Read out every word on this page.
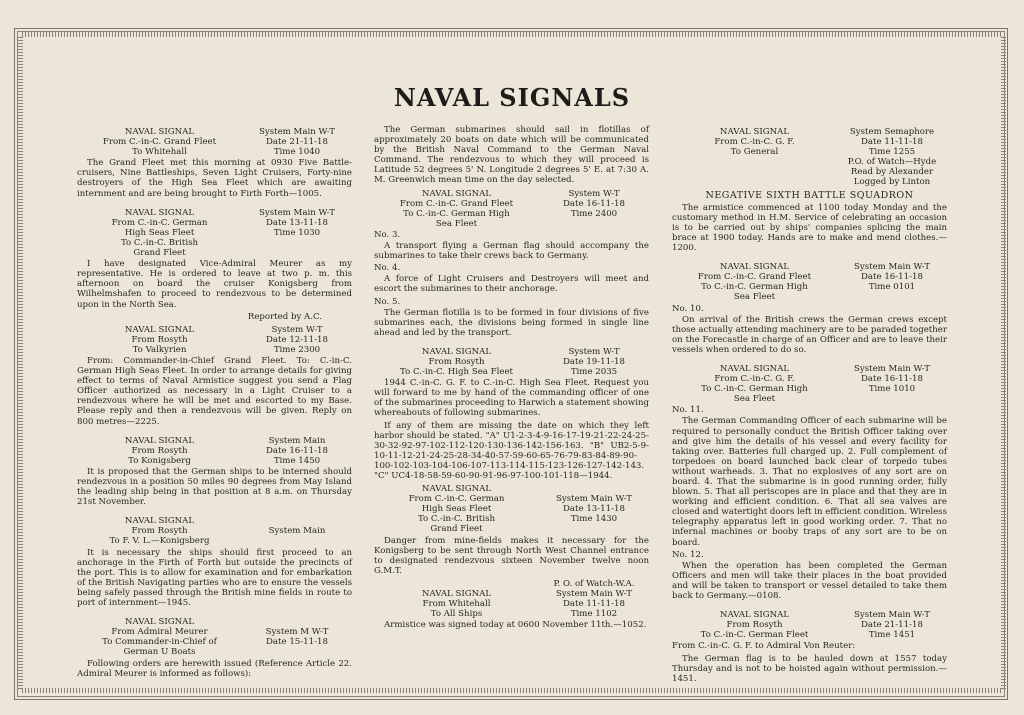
NAVAL SIGNALS
NAVAL SIGNAL
From C.-in-C. Grand Fleet
To Whitehall
System Main W-T
Date 21-11-18
Time 1040
The Grand Fleet met this morning at 0930 Five Battle-cruisers, Nine Battleships, Seven Light Cruisers, Forty-nine destroyers of the High Sea Fleet which are awaiting internment and are being brought to Firth Forth—1005.
NAVAL SIGNAL
From C.-in-C. German
High Seas Fleet
To C.-in-C. British
Grand Fleet
System Main W-T
Date 13-11-18
Time 1030
I have designated Vice-Admiral Meurer as my representative. He is ordered to leave at two p. m. this afternoon on board the cruiser Konigsberg from Wilhelmshafen to proceed to rendezvous to be determined upon in the North Sea.
Reported by A.C.
NAVAL SIGNAL
From Rosyth
To Valkyrien
System W-T
Date 12-11-18
Time 2300
From: Commander-in-Chief Grand Fleet. To: C.-in-C. German High Seas Fleet. In order to arrange details for giving effect to terms of Naval Armistice suggest you send a Flag Officer authorized as necessary in a Light Cruiser to a rendezvous where he will be met and escorted to my Base. Please reply and then a rendezvous will be given. Reply on 800 metres—2225.
NAVAL SIGNAL
From Rosyth
To Konigsberg
System Main
Date 16-11-18
Time 1450
It is proposed that the German ships to be interned should rendezvous in a position 50 miles 90 degrees from May Island the leading ship being in that position at 8 a.m. on Thursday 21st November.
NAVAL SIGNAL
From Rosyth
To F. V. L.—Konigsberg

System Main
It is necessary the ships should first proceed to an anchorage in the Firth of Forth but outside the precincts of the port. This is to allow for examination and for embarkation of the British Navigating parties who are to ensure the vessels being safely passed through the British mine fields in route to port of internment—1945.
NAVAL SIGNAL
From Admiral Meurer
To Commander-in-Chief of
German U Boats

System M W-T
Date 15-11-18
Following orders are herewith issued (Reference Article 22. Admiral Meurer is informed as follows):
The German submarines should sail in flotillas of approximately 20 boats on date which will be communicated by the British Naval Command to the German Naval Command. The rendezvous to which they will proceed is Latitude 52 degrees 5' N. Longitude 2 degrees 5' E. at 7:30 A. M. Greenwich mean time on the day selected.
NAVAL SIGNAL
From C.-in-C. Grand Fleet
To C.-in-C. German High
Sea Fleet
System W-T
Date 16-11-18
Time 2400
No. 3.
A transport flying a German flag should accompany the submarines to take their crews back to Germany.
No. 4.
A force of Light Cruisers and Destroyers will meet and escort the submarines to their anchorage.
No. 5.
The German flotilla is to be formed in four divisions of five submarines each, the divisions being formed in single line ahead and led by the transport.
NAVAL SIGNAL
From Rosyth
To C.-in-C. High Sea Fleet
System W-T
Date 19-11-18
Time 2035
1944 C.-in-C. G. F. to C.-in-C. High Sea Fleet. Request you will forward to me by hand of the commanding officer of one of the submarines proceeding to Harwich a statement showing whereabouts of following submarines.
If any of them are missing the date on which they left harbor should be stated. "A" U1-2-3-4-9-16-17-19-21-22-24-25-30-32-92-97-102-112-120-130-136-142-156-163. "B" UB2-5-9-10-11-12-21-24-25-28-34-40-57-59-60-65-76-79-83-84-89-90-100-102-103-104-106-107-113-114-115-123-126-127-142-143. "C" UC4-18-58-59-60-90-91-96-97-100-101-118—1944.
NAVAL SIGNAL
From C.-in-C. German
High Seas Fleet
To C.-in-C. British
Grand Fleet

System Main W-T
Date 13-11-18
Time 1430
Danger from mine-fields makes it necessary for the Konigsberg to be sent through North West Channel entrance to designated rendezvous sixteen November twelve noon G.M.T.

NAVAL SIGNAL
From Whitehall
To All Ships
P. O. of Watch-W.A.
System Main W-T
Date 11-11-18
Time 1102
Armistice was signed today at 0600 November 11th.—1052.
NAVAL SIGNAL
From C.-in-C. G. F.
To General
System Semaphore
Date 11-11-18
Time 1255
P.O. of Watch—Hyde
Read by Alexander
Logged by Linton
NEGATIVE SIXTH BATTLE SQUADRON
The armistice commenced at 1100 today Monday and the customary method in H.M. Service of celebrating an occasion is to be carried out by ships' companies splicing the main brace at 1900 today. Hands are to make and mend clothes.—1200.
NAVAL SIGNAL
From C.-in-C. Grand Fleet
To C.-in-C. German High
Sea Fleet
System Main W-T
Date 16-11-18
Time 0101
No. 10.
On arrival of the British crews the German crews except those actually attending machinery are to be paraded together on the Forecastle in charge of an Officer and are to leave their vessels when ordered to do so.
NAVAL SIGNAL
From C.-in-C. G. F.
To C.-in-C. German High
Sea Fleet
System Main W-T
Date 16-11-18
Time 1010
No. 11.
The German Commanding Officer of each submarine will be required to personally conduct the British Officer taking over and give him the details of his vessel and every facility for taking over. Batteries full charged up. 2. Full complement of torpedoes on board launched back clear of torpedo tubes without warheads. 3. That no explosives of any sort are on board. 4. That the submarine is in good running order, fully blown. 5. That all periscopes are in place and that they are in working and efficient condition. 6. That all sea valves are closed and watertight doors left in efficient condition. Wireless telegraphy apparatus left in good working order. 7. That no infernal machines or booby traps of any sort are to be on board.
No. 12.
When the operation has been completed the German Officers and men will take their places in the boat provided and will be taken to transport or vessel detailed to take them back to Germany.—0108.
NAVAL SIGNAL
From Rosyth
To C.-in-C. German Fleet
System Main W-T
Date 21-11-18
Time 1451
From C.-in-C. G. F. to Admiral Von Reuter:
The German flag is to be hauled down at 1557 today Thursday and is not to be hoisted again without permission.—1451.
